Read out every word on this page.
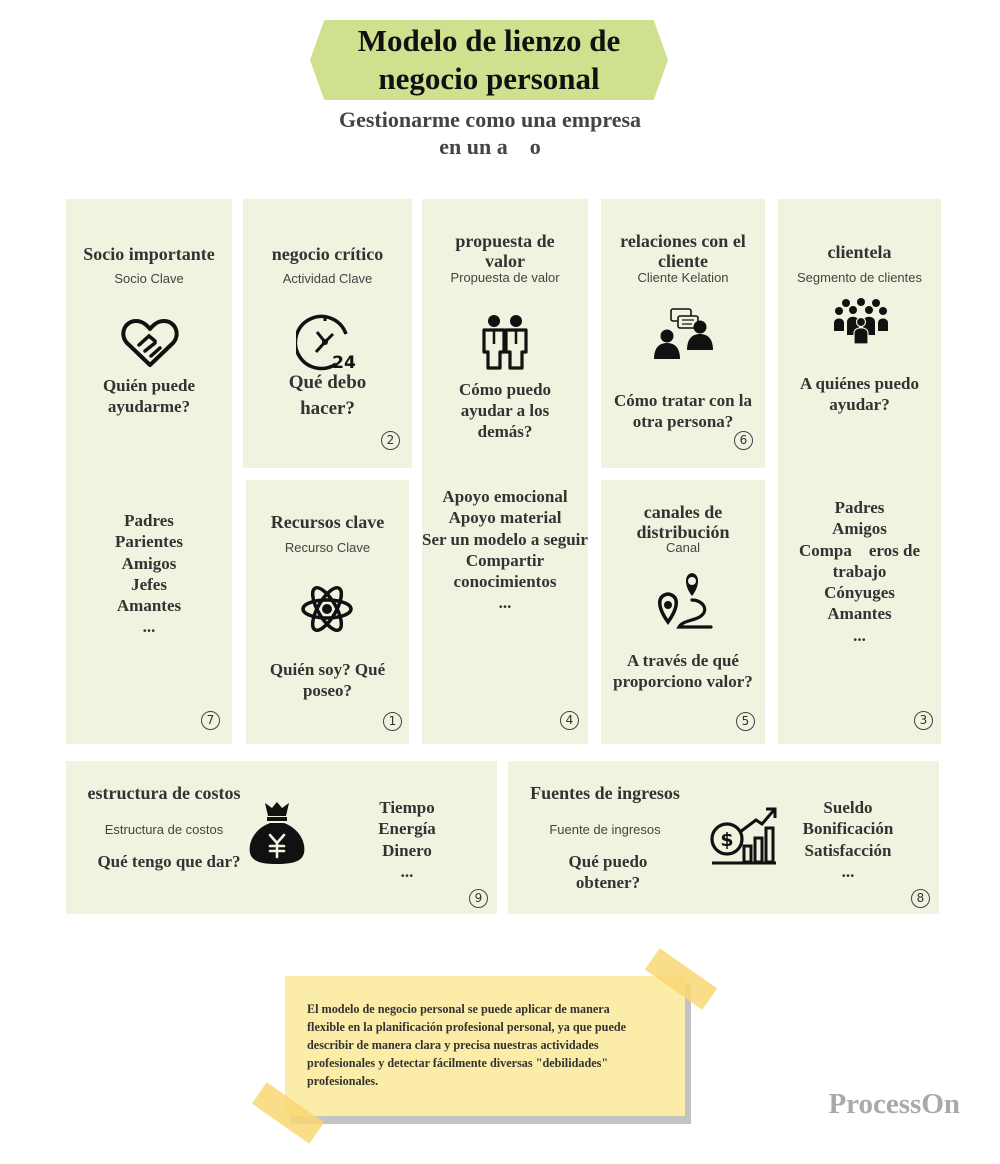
Modelo de lienzo de negocio personal
Gestionarme como una empresa en un a　o
Socio importante
Socio Clave
Quién puede ayudarme?
Padres
Parientes
Amigos
Jefes
Amantes
...
7
negocio crítico
Actividad Clave
24
Qué debo hacer?
2
Recursos clave
Recurso Clave
Quién soy? Qué poseo?
1
propuesta de valor
Propuesta de valor
Cómo puedo ayudar a los demás?
Apoyo emocional
Apoyo material
Ser un modelo a seguir
Compartir conocimientos
...
4
relaciones con el cliente
Cliente Kelation
Cómo tratar con la otra persona?
6
canales de distribución
Canal
A través de qué proporciono valor?
5
clientela
Segmento de clientes
A quiénes puedo ayudar?
Padres
Amigos
Compa　eros de trabajo
Cónyuges
Amantes
...
3
estructura de costos
Estructura de costos
Qué tengo que dar?
Tiempo
Energía
Dinero
...
9
Fuentes de ingresos
Fuente de ingresos
Qué puedo obtener?
$
Sueldo
Bonificación
Satisfacción
...
8
El modelo de negocio personal se puede aplicar de manera flexible en la planificación profesional personal, ya que puede describir de manera clara y precisa nuestras actividades profesionales y detectar fácilmente diversas "debilidades" profesionales.
ProcessOn
